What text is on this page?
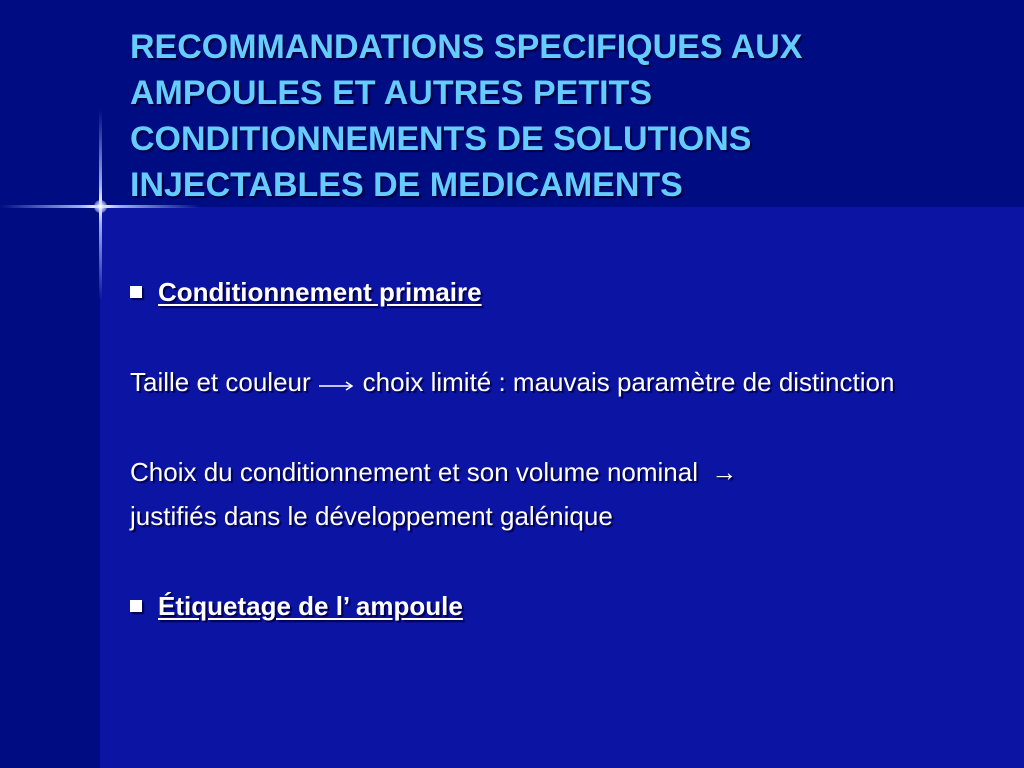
RECOMMANDATIONS SPECIFIQUES AUX AMPOULES ET AUTRES PETITS CONDITIONNEMENTS DE SOLUTIONS INJECTABLES DE MEDICAMENTS
Conditionnement primaire

Taille et couleur choix limité : mauvais paramètre de distinction

Choix du conditionnement et son volume nominal →
justifiés dans le développement galénique

Étiquetage de l’ ampoule
